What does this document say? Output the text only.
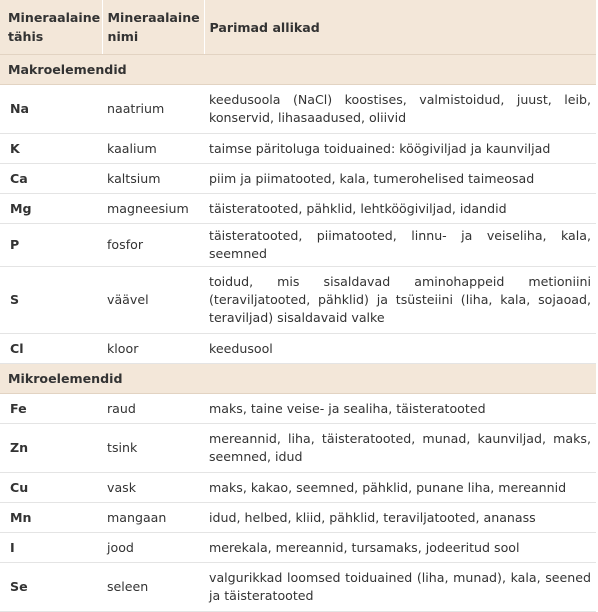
Mineraalaine tähis	Mineraalaine nimi	Parimad allikad
Makroelemendid		
Na	naatrium	keedusoola (NaCl) koostises, valmistoidud, juust, leib, konservid, lihasaadused, oliivid
K	kaalium	taimse päritoluga toiduained: köögiviljad ja kaunviljad
Ca	kaltsium	piim ja piimatooted, kala, tumerohelised taimeosad
Mg	magneesium	täisteratooted, pähklid, lehtköögiviljad, idandid
P	fosfor	täisteratooted, piimatooted, linnu- ja veiseliha, kala, seemned
S	väävel	toidud, mis sisaldavad aminohappeid metioniini (teraviljatooted, pähklid) ja tsüsteiini (liha, kala, sojaoad, teraviljad) sisaldavaid valke
Cl	kloor	keedusool
Mikroelemendid		
Fe	raud	maks, taine veise- ja sealiha, täisteratooted
Zn	tsink	mereannid, liha, täisteratooted, munad, kaunviljad, maks, seemned, idud
Cu	vask	maks, kakao, seemned, pähklid, punane liha, mereannid
Mn	mangaan	idud, helbed, kliid, pähklid, teraviljatooted, ananass
I	jood	merekala, mereannid, tursamaks, jodeeritud sool
Se	seleen	valgurikkad loomsed toiduained (liha, munad), kala, seened ja täisteratooted
